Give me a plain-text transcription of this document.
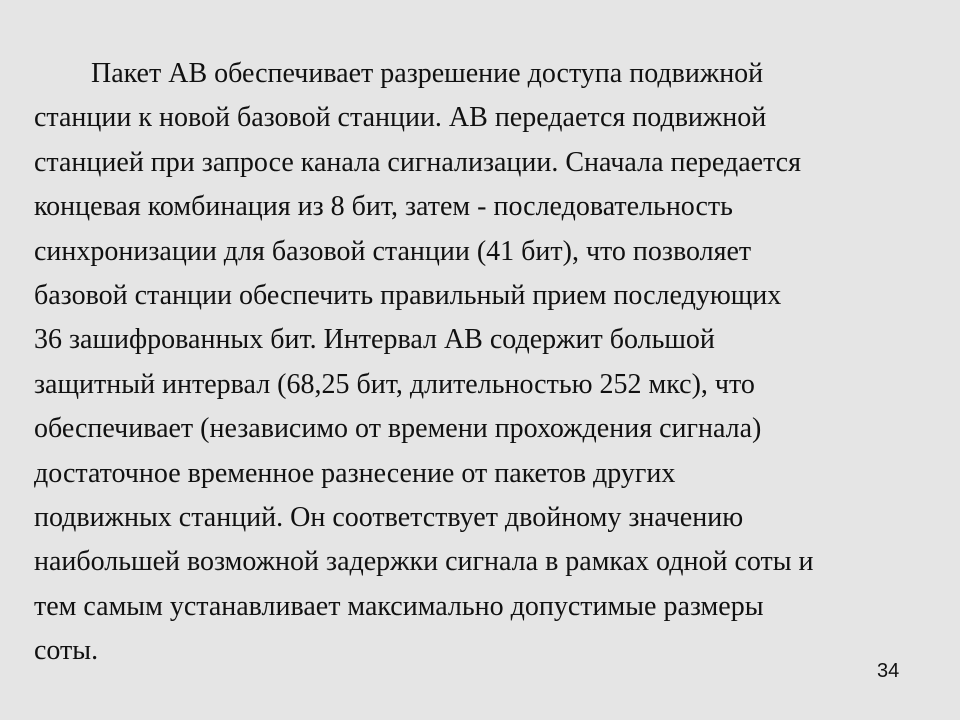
Пакет АВ обеспечивает разрешение доступа подвижной
станции к новой базовой станции. АВ передается подвижной
станцией при запросе канала сигнализации. Сначала передается
концевая комбинация из 8 бит, затем - последовательность
синхронизации для базовой станции (41 бит), что позволяет
базовой станции обеспечить правильный прием последующих
36 зашифрованных бит. Интервал АВ содержит большой
защитный интервал (68,25 бит, длительностью 252 мкс), что
обеспечивает (независимо от времени прохождения сигнала)
достаточное временное разнесение от пакетов других
подвижных станций. Он соответствует двойному значению
наибольшей возможной задержки сигнала в рамках одной соты и
тем самым устанавливает максимально допустимые размеры
соты.
34
